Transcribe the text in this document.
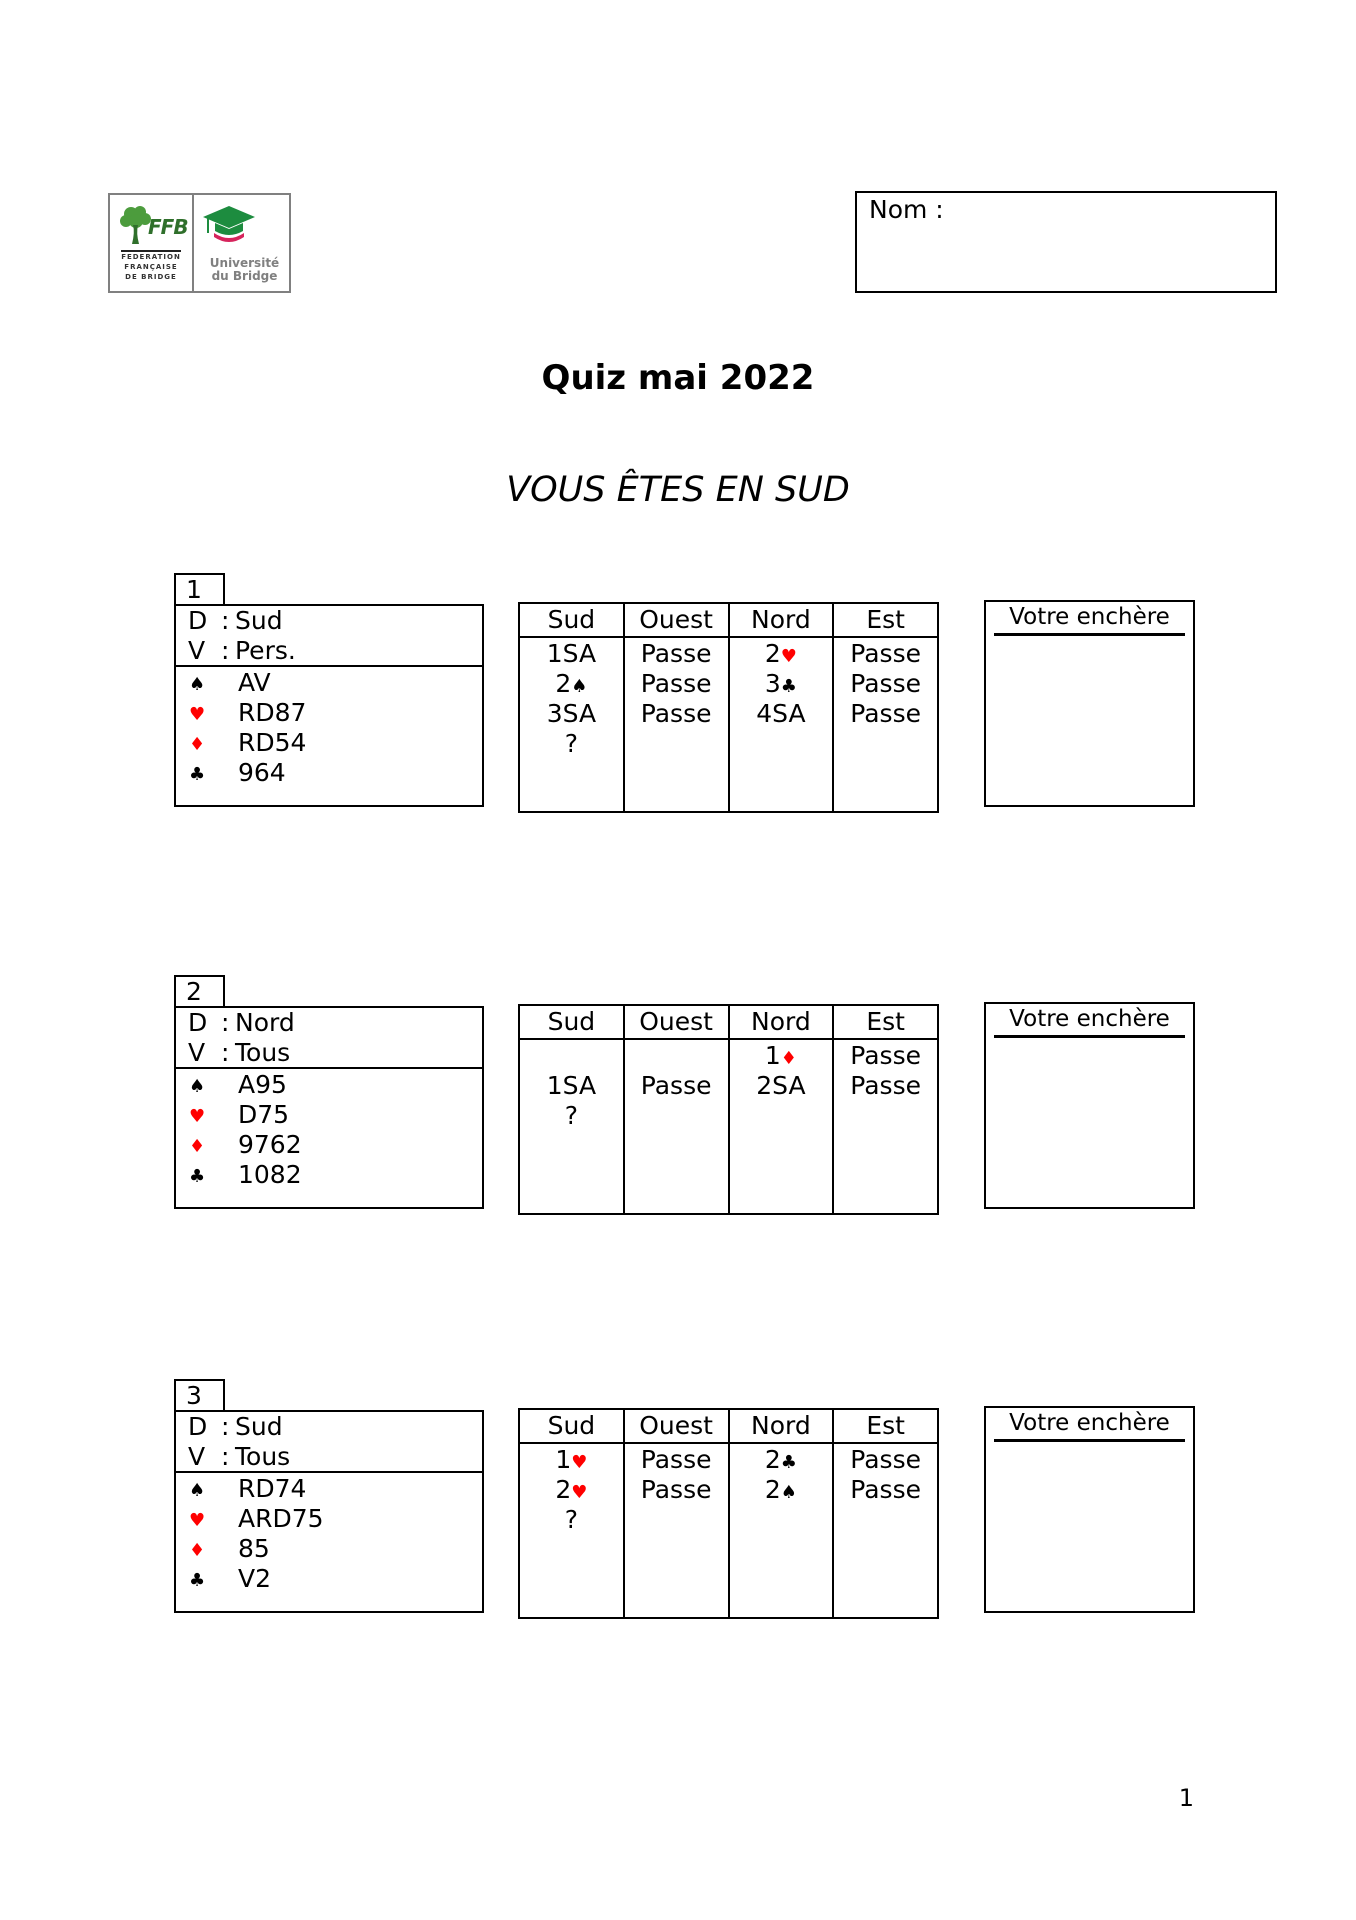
FFB
FEDERATION
FRANÇAISE
DE BRIDGE
Université
du Bridge
Nom :
Quiz mai 2022
VOUS ÊTES EN SUD
1
D : Sud
V : Pers.
♠ AV
♥ RD87
♦ RD54
♣ 964
Sud
1SA
2♠
3SA
?
Ouest
Passe
Passe
Passe
Nord
2♥
3♣
4SA
Est
Passe
Passe
Passe
Votre enchère
2
D : Nord
V : Tous
♠ A95
♥ D75
♦ 9762
♣ 1082
Sud
1SA
?
Ouest
Passe
Nord
1♦
2SA
Est
Passe
Passe
Votre enchère
3
D : Sud
V : Tous
♠ RD74
♥ ARD75
♦ 85
♣ V2
Sud
1♥
2♥
?
Ouest
Passe
Passe
Nord
2♣
2♠
Est
Passe
Passe
Votre enchère
1
